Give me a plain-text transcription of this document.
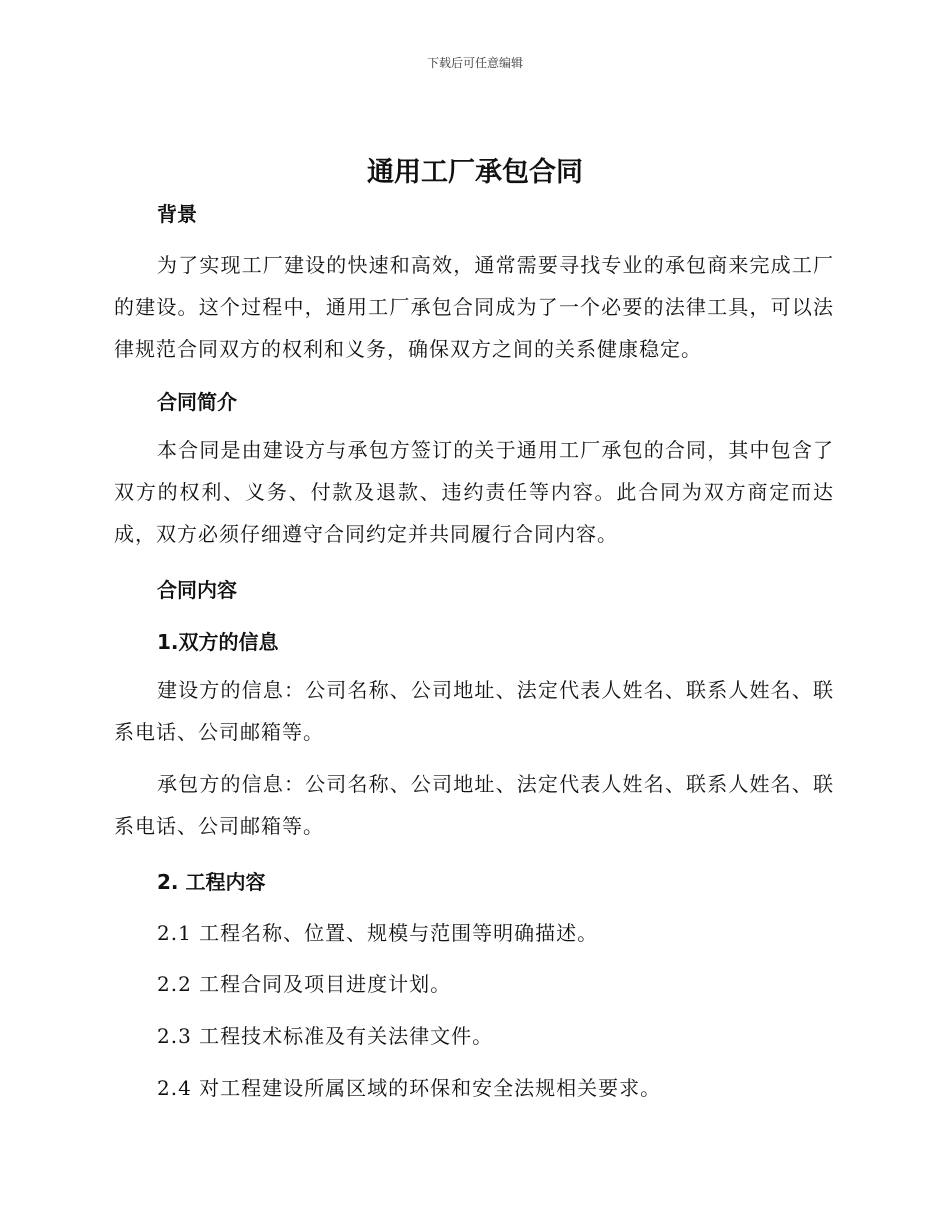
下载后可任意编辑
通用工厂承包合同
背景

为了实现工厂建设的快速和高效，通常需要寻找专业的承包商来完成工厂的建设。这个过程中，通用工厂承包合同成为了一个必要的法律工具，可以法律规范合同双方的权利和义务，确保双方之间的关系健康稳定。

合同简介

本合同是由建设方与承包方签订的关于通用工厂承包的合同，其中包含了双方的权利、义务、付款及退款、违约责任等内容。此合同为双方商定而达成，双方必须仔细遵守合同约定并共同履行合同内容。

合同内容
1.双方的信息

建设方的信息：公司名称、公司地址、法定代表人姓名、联系人姓名、联系电话、公司邮箱等。

承包方的信息：公司名称、公司地址、法定代表人姓名、联系人姓名、联系电话、公司邮箱等。

2. 工程内容
2.1 工程名称、位置、规模与范围等明确描述。
2.2 工程合同及项目进度计划。
2.3 工程技术标准及有关法律文件。
2.4 对工程建设所属区域的环保和安全法规相关要求。
